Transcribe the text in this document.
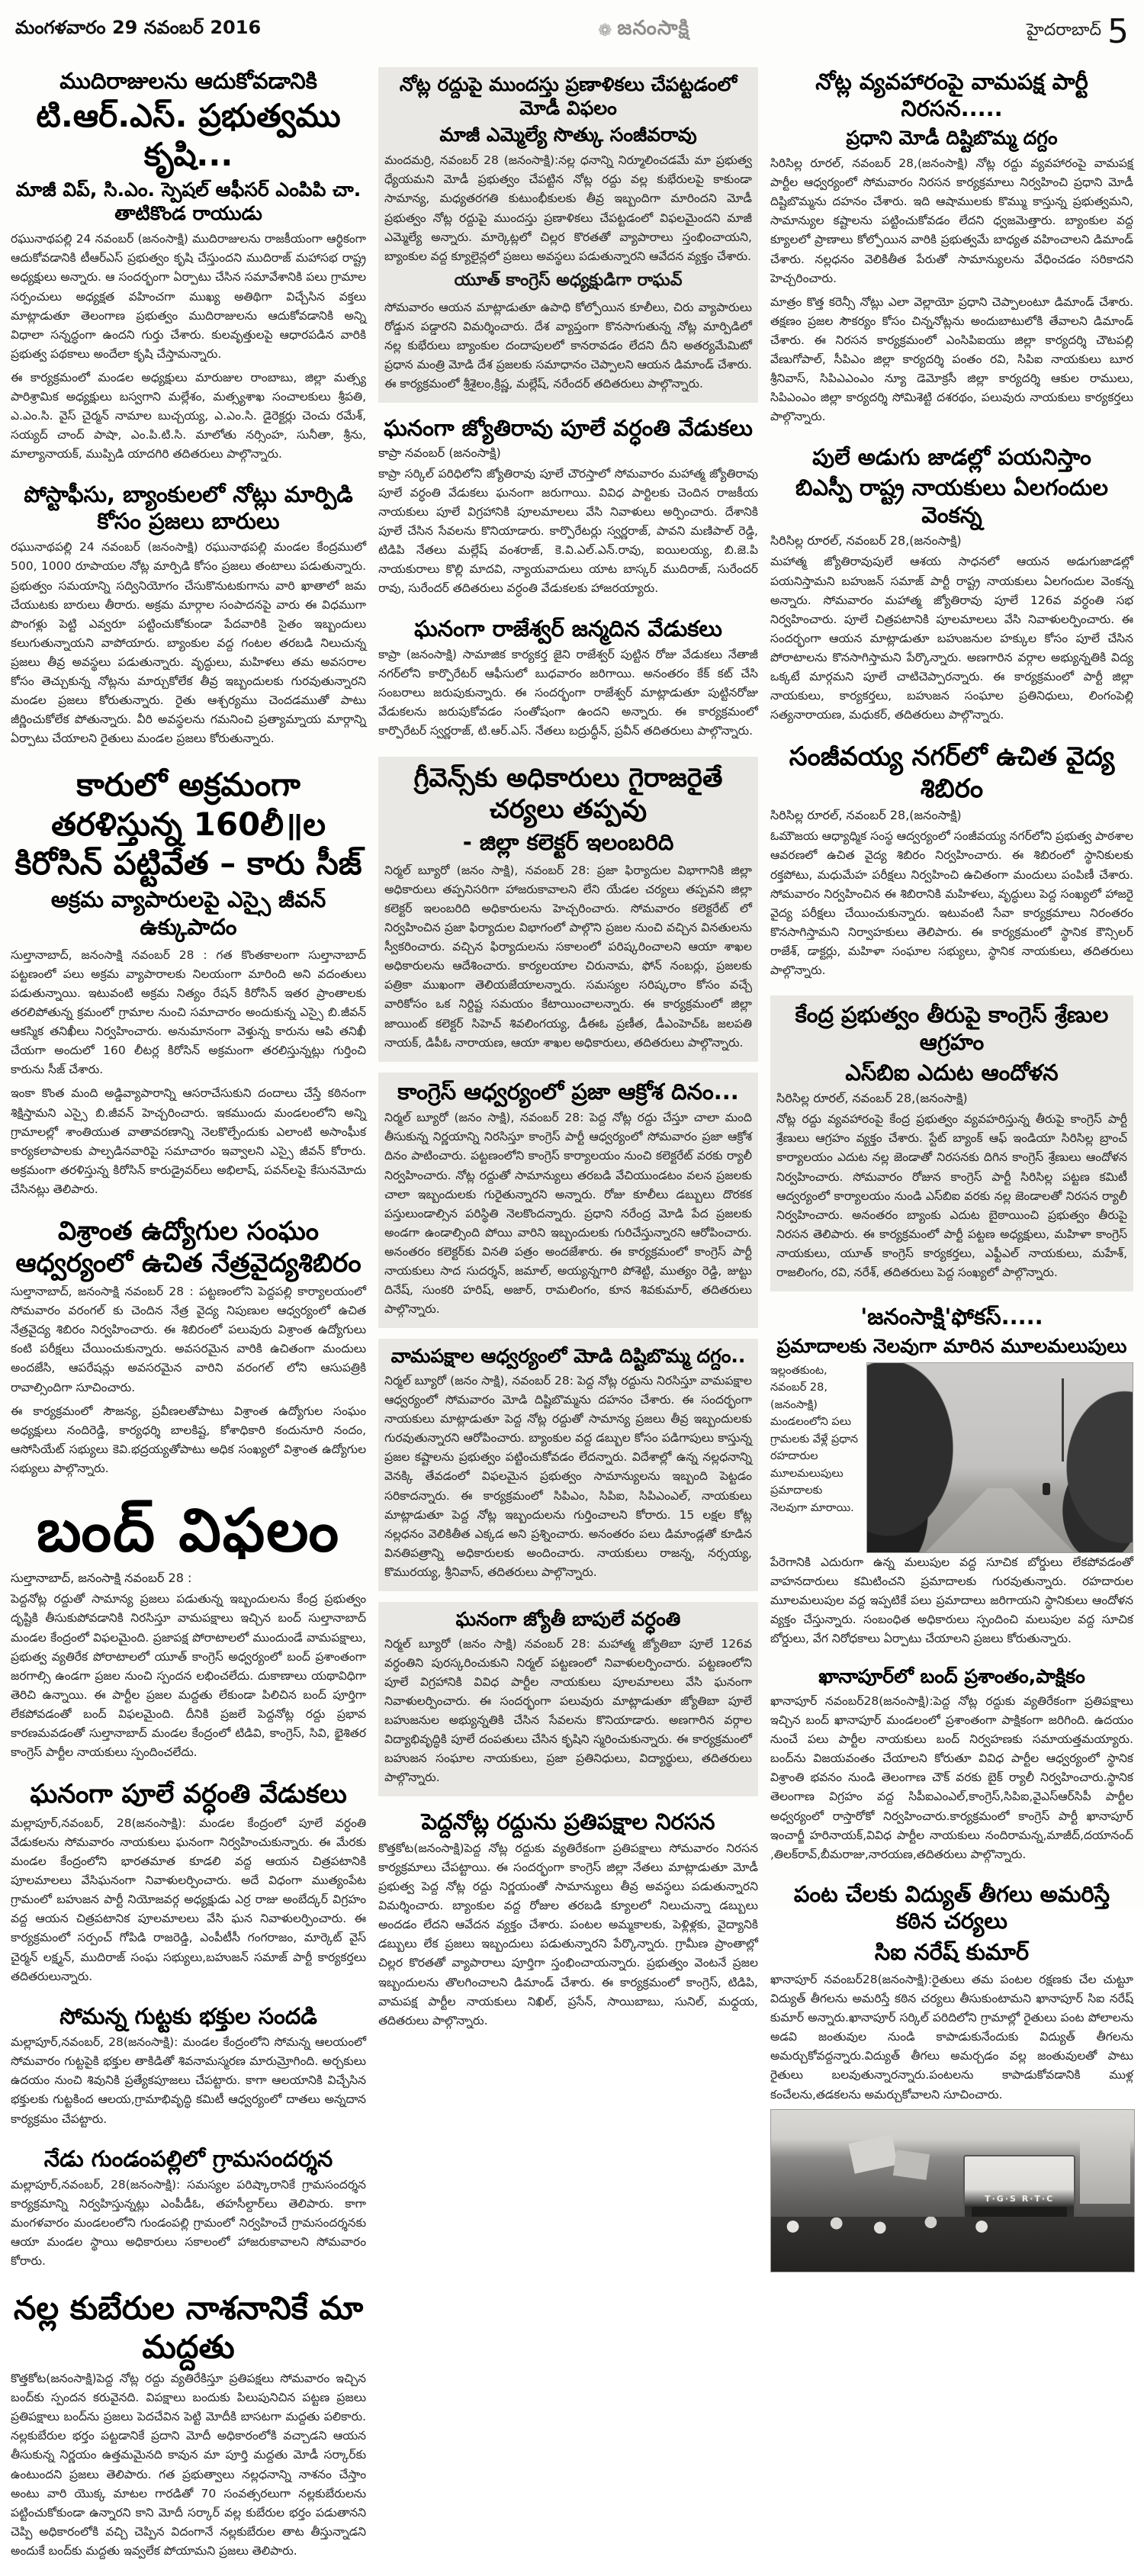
మంగళవారం 29 నవంబర్ 2016	❁ జనంసాక్షి	హైదరాబాద్ 5
ముదిరాజులను ఆదుకోవడానికి
టి.ఆర్.ఎస్. ప్రభుత్వము కృషి...
మాజీ విప్, సి.ఎం. స్పెషల్ ఆఫీసర్ ఎంపిపి చా. తాటికొండ రాయుడు

రఘునాథపల్లి 24 నవంబర్ (జనంసాక్షి) ముదిరాజులను రాజకీయంగా ఆర్థికంగా ఆదుకోవడానికి టీఆర్ఎస్ ప్రభుత్వం కృషి చేస్తుందని ముదిరాజ్ మహాసభ రాష్ట్ర అధ్యక్షులు అన్నారు. ఆ సందర్భంగా ఏర్పాటు చేసిన సమావేశానికి పలు గ్రామాల సర్పంచులు అధ్యక్షత వహించగా ముఖ్య అతిథిగా విచ్చేసిన వక్తలు మాట్లాడుతూ తెలంగాణ ప్రభుత్వం ముదిరాజులను ఆదుకోవడానికి అన్ని విధాలా సన్నద్ధంగా ఉందని గుర్తు చేశారు. కులవృత్తులపై ఆధారపడిన వారికి ప్రభుత్వ పథకాలు అందేలా కృషి చేస్తామన్నారు.

ఈ కార్యక్రమంలో మండల అధ్యక్షులు మారుజుల రాంబాబు, జిల్లా మత్స్య పారిశ్రామిక అధ్యక్షులు బస్వగాని మల్లేశం, మత్స్యశాఖ సంచాలకులు శ్రీపతి, ఎ.ఎం.సి. వైస్ చైర్మన్ నామాల బుచ్చయ్య, ఎ.ఎం.సి. డైరెక్టర్లు చెంచు రమేశ్, సయ్యద్ చాంద్ పాషా, ఎం.పి.టి.సి. మాలోతు నర్సింహ, సునీతా, శ్రీను, మాల్యానాయక్, ముప్పిడి యాదగిరి తదితరులు పాల్గొన్నారు.

పోస్టాఫీసు, బ్యాంకులలో నోట్లు మార్పిడి కోసం ప్రజలు బారులు

రఘునాథపల్లి 24 నవంబర్ (జనంసాక్షి) రఘునాథపల్లి మండల కేంద్రములో 500, 1000 రూపాయల నోట్ల మార్పిడి కోసం ప్రజలు తంటాలు పడుతున్నారు. ప్రభుత్వం సమయాన్ని సద్వినియోగం చేసుకొనుటకుగాను వారి ఖాతాలో జమ చేయుటకు బారులు తీరారు. అక్రమ మార్గాల సంపాదనపై వారు ఈ విధముగా పొంగళ్లు పెట్టి ఎవ్వరూ పట్టించుకోకుండా పేదవారికి సైతం ఇబ్బందులు కలుగుతున్నాయని వాపోయారు. బ్యాంకుల వద్ద గంటల తరబడి నిలుచున్న ప్రజలు తీవ్ర అవస్థలు పడుతున్నారు. వృద్ధులు, మహిళలు తమ అవసరాల కోసం తెచ్చుకున్న నోట్లను మార్చుకోలేక తీవ్ర ఇబ్బందులకు గురవుతున్నారని మండల ప్రజలు కోరుతున్నారు. రైతు ఆశ్చర్యము చెందడముతో పాటు జీర్ణించుకోలేక పోతున్నారు. వీరి అవస్థలను గమనించి ప్రత్యామ్నాయ మార్గాన్ని ఏర్పాటు చేయాలని రైతులు మండల ప్రజలు కోరుతున్నారు.

కారులో అక్రమంగా తరళిస్తున్న 160లీ॥ల కిరోసిన్ పట్టివేత – కారు సీజ్
అక్రమ వ్యాపారులపై ఎస్సై జీవన్ ఉక్కుపాదం

సుల్తానాబాద్, జనంసాక్షి నవంబర్ 28 : గత కొంతకాలంగా సుల్తానాబాద్ పట్టణంలో పలు అక్రమ వ్యాపారాలకు నిలయంగా మారింది అని వదంతులు పడుతున్నాయి. ఇటువంటి అక్రమ నిత్యం రేషన్ కిరోసిన్ ఇతర ప్రాంతాలకు తరలిపోతున్న క్రమంలో గ్రామాల నుంచి సమాచారం అందుకున్న ఎస్సై బి.జీవన్ ఆకస్మిక తనిఖీలు నిర్వహించారు. అనుమానంగా వెళ్తున్న కారును ఆపి తనిఖీ చేయగా అందులో 160 లీటర్ల కిరోసిన్ అక్రమంగా తరలిస్తున్నట్లు గుర్తించి కారును సీజ్ చేశారు.

ఇంకా కొంత మంది అడ్డివ్యాపారాన్ని ఆసరాచేసుకుని దందాలు చేస్తే కఠినంగా శిక్షిస్తామని ఎస్సై బి.జీవన్ హెచ్చరించారు. ఇకముందు మండలంలోని అన్ని గ్రామాలల్లో శాంతియుత వాతావరణాన్ని నెలకొల్పేందుకు ఎలాంటి అసాంఘీక కార్యకలాపాలకు పాల్పడినవారిపై సమాచారం ఇవ్వాలని ఎస్సై జీవన్ కోరారు. అక్రమంగా తరళిస్తున్న కిరోసిన్ కారుడ్రైవర్‌లు అభిలాష్, పవన్‌లపై కేసునమోదు చేసినట్లు తెలిపారు.

విశ్రాంత ఉద్యోగుల సంఘం ఆధ్వర్యంలో ఉచిత నేత్రవైద్యశిబిరం

సుల్తానాబాద్, జనంసాక్షి నవంబర్ 28 : పట్టణంలోని పెద్దపల్లి కార్యాలయంలో సోమవారం వరంగల్ కు చెందిన నేత్ర వైద్య నిపుణుల ఆధ్వర్యంలో ఉచిత నేత్రవైద్య శిబిరం నిర్వహించారు. ఈ శిబిరంలో పలువురు విశ్రాంత ఉద్యోగులు కంటి పరీక్షలు చేయించుకున్నారు. అవసరమైన వారికి ఉచితంగా మందులు అందజేసి, ఆపరేషన్లు అవసరమైన వారిని వరంగల్ లోని ఆసుపత్రికి రావాల్సిందిగా సూచించారు.

ఈ కార్యక్రమంలో సౌజన్య, ప్రవీణలతోపాటు విశ్రాంత ఉద్యోగుల సంఘం అధ్యక్షులు నందిరెడ్డి, కార్యధర్శి బాలకిష్ట, కోశాధికారి కందునూరి నందం, ఆసోసియేట్ సభ్యులు కెవి.భద్రయ్యతోపాటు అధిక సంఖ్యలో విశ్రాంత ఉద్యోగుల సభ్యులు పాల్గొన్నారు.

బంద్ విఫలం
సుల్తానాబాద్, జనంసాక్షి నవంబర్ 28 :

పెద్దనోట్ల రద్దుతో సామాన్య ప్రజలు పడుతున్న ఇబ్బందులను కేంద్ర ప్రభుత్వం దృష్టికి తీసుకుపోవడానికి నిరసిస్తూ వామపక్షాలు ఇచ్చిన బంద్ సుల్తానాబాద్ మండల కేంద్రంలో విఫలమైంది. ప్రజాపక్ష పోరాటాలలో ముందుండే వామపక్షాలు, ప్రభుత్వ వ్యతిరేక పోరాటాలలో యూత్ కాంగ్రెస్ అధ్వర్యంలో బంద్ ప్రశాంతంగా జరగాల్సి ఉండగా ప్రజల నుంచి స్పందన లభించలేదు. దుకాణాలు యథావిధిగా తెరిచి ఉన్నాయి. ఈ పార్టీల ప్రజల మద్దతు లేకుండా పిలిచిన బంద్ పూర్తిగా లేకపోవడంతో బంద్ విఫలమైంది. దీనికి ప్రజలే పెద్దనోట్ల రద్దు ప్రభావ కారణమవడంతో సుల్తానాబాద్ మండల కేంద్రంలో టిడివి, కాంగ్రెస్, సివి, భైశితర కాంగ్రెస్ పార్టీల నాయకులు స్పందించలేదు.

ఘనంగా పూలే వర్ధంతి వేడుకలు

మల్లాపూర్,నవంబర్, 28(జనంసాక్షి): మండల కేంద్రంలో పూలే వర్ధంతి వేడుకలను సోమవారం నాయకులు ఘనంగా నిర్వహించుకున్నారు. ఈ మేరకు మండల కేంద్రంలోని భారతమాత కూడలి వద్ద ఆయన చిత్రపటానికి పూలమాలలు వేసిఘనంగా నివాళులర్పించారు. అదే విధంగా ముత్యంపేట గ్రామంలో బహుజన పార్టీ నియోజవర్గ అధ్యక్షుడు ఎర్ర రాజు అంబేద్కర్ విగ్రహం వద్ద ఆయన చిత్రపటానిక పూలమాలలు వేసి ఘన నివాళులర్పించారు. ఈ కార్యక్రమంలో సర్పంచ్ గోపిడి రాజరెడ్డి, ఎంపీటీసీ గంగరాజం, మార్కెట్ వైస్ చైర్మన్ లక్ష్మన్, ముదిరాజ్ సంఘ సభ్యులు,బహుజన్ సమాజ్ పార్టీ కార్యకర్తలు తదితరులున్నారు.

సోమన్న గుట్టకు భక్తుల సందడి

మల్లాపూర్,నవంబర్, 28(జనంసాక్షి): మండల కేంద్రంలోని సోమన్న ఆలయంలో సోమవారం గుట్టపైకి భక్తుల తాకిడితో శివనామస్మరణ మారుమ్రోగింది. అర్చకులు ఉదయం నుంచి శివునికి ప్రత్యేకపూజలు చేపట్టారు. కాగా ఆలయానికి విచ్చేసిన భక్తులకు గుట్టకింద ఆలయ,గ్రామాభివృద్ధి కమిటీ ఆధ్వర్యంలో దాతలు అన్నదాన కార్యక్రమం చేపట్టారు.

నేడు గుండంపల్లిలో గ్రామసందర్శన

మల్లాపూర్,నవంబర్, 28(జనంసాక్షి): సమస్యల పరిష్కారానికే గ్రామసందర్శన కార్యక్రమాన్ని నిర్వహిస్తున్నట్లు ఎంపీడీఓ, తహసీల్దార్‌లు తెలిపారు. కాగా మంగళవారం మండలంలోని గుండంపల్లి గ్రామంలో నిర్వహించే గ్రామసందర్శనకు ఆయా మండల స్థాయి అధికారులు సకాలంలో హాజరుకావాలని సోమవారం కోరారు.

నల్ల కుబేరుల నాశనానికే మా మద్దతు

కొత్తకోట(జనంసాక్షి)పెద్ద నోట్ల రద్దు వ్యతిరేకిస్తూ ప్రతిపక్షలు సోమవారం ఇచ్చిన బంద్‌కు స్పందన కరువైనది. విపక్షాలు బందుకు పిలుపునిచిన పట్టణ ప్రజలు ప్రతిపక్షాలు బంద్‌ను ప్రజలు పెదచేవిన పెట్టి మోదీకి బాసటగా మద్దతు పలికారు. నల్లకుబేరుల భర్తం పట్టడానికే ప్రదాని మోదీ అధికారంలోకి వచ్చాడని ఆయన తీసుకున్న నిర్ణయం ఉత్తమమైనది కావున మా పూర్తి మద్దతు మోడీ సర్కార్‌కు ఉంటుందని ప్రజలు తెలిపారు. గత ప్రభుత్వాలు నల్లధనాన్ని నాశనం చేస్తాం అంటు వారి యొక్క మాటల గారడితో 70 సంవత్సరలుగా నల్లకుబేరులను పట్టించుకోకుండా ఉన్నారని కాని మోదీ సర్కార్ వల్ల కుబేరుల భర్తం పడుతానని చెప్పి అధికారంలోకి వచ్చి చెప్పిన విదంగానే నల్లకుబేరుల తాట తీస్తున్నాడని అందుకే బంద్‌కు మద్దతు ఇవ్వలేక పోయామని ప్రజలు తెలిపారు.

నోట్ల రద్దుపై ముందస్తు ప్రణాళికలు చేపట్టడంలో మోడీ విఫలం
మాజీ ఎమ్మెల్యే సొత్కు సంజీవరావు

మందమర్రి, నవంబర్ 28 (జనంసాక్షి):నల్ల ధనాన్ని నిర్మూలించడమే మా ప్రభుత్వ ధ్యేయమని మోడీ ప్రభుత్వం చేపట్టిన నోట్ల రద్దు వల్ల కుభేరులపై కాకుండా సామాన్య, మధ్యతరగతి కుటుంభీకులకు తీవ్ర ఇబ్బందిగా మారిందని మోడీ ప్రభుత్వం నోట్ల రద్దుపై ముందస్తు ప్రణాళికలు చేపట్టడంలో విఫలమైందని మాజీ ఎమ్మెల్యే అన్నారు. మార్కెట్లలో చిల్లర కొరతతో వ్యాపారాలు స్తంభించాయని, బ్యాంకుల వద్ద క్యూలైన్లలో ప్రజలు అవస్థలు పడుతున్నారని ఆవేదన వ్యక్తం చేశారు.

యూత్ కాంగ్రెస్ అధ్యక్షుడిగా రాఘవ్

సోమవారం ఆయన మాట్లాడుతూ ఉపాధి కోల్పోయిన కూలీలు, చిరు వ్యాపారులు రోడ్డున పడ్డారని విమర్శించారు. దేశ వ్యాప్తంగా కొనసాగుతున్న నోట్ల మార్పిడిలో నల్ల కుభేరులు బ్యాంకుల దందాపులలో కానరావడం లేదని దీని అతర్యమేమిటో ప్రధాన మంత్రి మోడి దేశ ప్రజలకు సమాధానం చెప్పాలని ఆయన డిమాండ్ చేశారు. ఈ కార్యక్రమంలో శ్రీశైలం,క్రిష్ణ, మల్లేష్, నరేందర్ తదితరులు పాల్గొన్నారు.

ఘనంగా జ్యోతిరావు పూలే వర్ధంతి వేడుకలు
కాప్రా నవంబర్ (జనంసాక్షి)

కాప్రా సర్కిల్ పరిధిలోని జ్యోతిరావు పూలే చౌరస్తాలో సోమవారం మహాత్మ జ్యోతిరావు పూలే వర్ధంతి వేడుకలు ఘనంగా జరుగాయి. వివిధ పార్టిలకు చెందిన రాజకీయ నాయకులు పూలే విగ్రహానికి పూలమాలలు వేసి నివాళులు అర్పించారు. దేశానికి పూలే చేసిన సేవలను కొనియాడారు. కార్పొరేటర్లు స్వర్ణరాజ్, పావని మణిపాల్ రెడ్డి, టిడిపి నేతలు మల్లేష్ వంశరాజ్, కె.వి.ఎల్.ఎన్.రావు, ఐయిలయ్య, బి.జె.పి నాయకురాలు కొల్లి మాదవి, న్యాయవాదులు యాట బాస్కర్ ముదిరాజ్, సురేందర్ రావు, సురేందర్ తదితరులు వర్ధంతి వేడుకలకు హాజరయ్యారు.

ఘనంగా రాజేశ్వర్ జన్మదిన వేడుకలు

కాప్రా (జనంసాక్షి) సామాజిక కార్యకర్త జైని రాజేశ్వర్ పుట్టిన రోజు వేడుకలు నేతాజీ నగర్‌లోని కార్పొరేటర్ ఆఫీసులో బుధవారం జరిగాయి. అనంతరం కేక్ కట్ చేసి సంబరాలు జరుపుకున్నారు. ఈ సందర్భంగా రాజేశ్వర్ మాట్లాడుతూ పుట్టినరోజు వేడుకలను జరుపుకోవడం సంతోషంగా ఉందని అన్నారు. ఈ కార్యక్రమంలో కార్పొరేటర్ స్వర్ణరాజ్, టి.ఆర్.ఎస్. నేతలు బద్రుద్ధీన్, ప్రవీన్ తదితరులు పాల్గొన్నారు.

గ్రీవెన్స్‌కు అధికారులు గైరాజరైతే చర్యలు తప్పవు
- జిల్లా కలెక్టర్ ఇలంబరిది

నిర్మల్ బ్యూరో (జనం సాక్షి), నవంబర్ 28: ప్రజా ఫిర్యాదుల విభాగానికి జిల్లా అధికారులు తప్పనిసరిగా హాజరుకావాలని లేని యేడల చర్యలు తప్పవని జిల్లా కలెక్టర్ ఇలంబరిది అధికారులను హెచ్చరించారు. సోమవారం కలెక్టరేట్ లో నిర్వహించిన ప్రజా ఫిర్యాదుల విభాగంలో పాల్గొని ప్రజల నుంచి వచ్చిన వినతులను స్వీకరించారు. వచ్చిన ఫిర్యాదులను సకాలంలో పరిష్కరించాలని ఆయా శాఖల అధికారులను ఆదేశించారు. కార్యలయాల చిరునామ, ఫోన్ నంబర్లు, ప్రజలకు పత్రికా ముఖంగా తెలియజేయాలన్నారు. సమస్యల సరిష్కరాం కోసం వచ్చే వారికోసం ఒక నిర్దిష్ట సమయం కేటాయించాలన్నారు. ఈ కార్యక్రమంలో జిల్లా జాయింట్ కలెక్టర్ సిహెచ్ శివలింగయ్య, డీఈఓ ప్రణీత, డీఎంహెచ్ఓ జలపతి నాయక్, డిపీఓ నారాయణ, ఆయా శాఖల అధికారులు, తదితరులు పాల్గొన్నారు.

కాంగ్రెస్ ఆధ్వర్యంలో ప్రజా ఆక్రోశ దినం...

నిర్మల్ బ్యూరో (జనం సాక్షి), నవంబర్ 28: పెద్ద నోట్ల రద్దు చేస్తూ చాలా మంది తీసుకున్న నిర్ణయాన్ని నిరసిస్తూ కాంగ్రెస్ పార్టీ ఆధ్వర్యంలో సోమవారం ప్రజా ఆక్రోశ దినం పాటించారు. పట్టణంలోని కాంగ్రెస్ కార్యాలయం నుంచి కలెక్టరేట్ వరకు ర్యాలీ నిర్వహించారు. నోట్ల రద్దుతో సామాన్యులు తరబడి వేచియుండటం వలన ప్రజలకు చాలా ఇబ్బందులకు గురైతున్నారని అన్నారు. రోజు కూలీలు డబ్బులు దొరకక పస్తులుండాల్సిన పరిస్థితి నెలకొందన్నారు. ప్రధాని నరేంద్ర మోడి పేద ప్రజలకు అండగా ఉండాల్సింది పోయి వారిని ఇబ్బందులకు గురిచేస్తున్నారని ఆరోపించారు. అనంతరం కలెక్టర్‌కు వినతి పత్రం అందజేశారు. ఈ కార్యక్రమంలో కాంగ్రెస్ పార్టీ నాయకులు సాద సుదర్శన్, జమాల్, అయ్యన్నగారి పోశెట్టి, ముత్యం రెడ్డి, జుట్టు దినేష్, సుంకరి హరిష్, అజార్, రామలింగం, కూన శివకుమార్, తదితరులు పాల్గొన్నారు.

వామపక్షాల ఆధ్వర్యంలో మెాడి దిష్టిబొమ్మ దగ్దం..

నిర్మల్ బ్యూరో (జనం సాక్షి), నవంబర్ 28: పెద్ద నోట్ల రద్దును నిరసిస్తూ వామపక్షాల ఆధ్వర్యంలో సోమవారం మోడి దిష్టిబొమ్మను దహనం చేశారు. ఈ సందర్భంగా నాయకులు మాట్లాడుతూ పెద్ద నోట్ల రద్దుతో సామాన్య ప్రజలు తీవ్ర ఇబ్బందులకు గురవుతున్నారని ఆరోపించారు. బ్యాంకుల వద్ద డబ్బుల కోసం పడిగాపులు కాస్తున్న ప్రజల కష్టాలను ప్రభుత్వం పట్టించుకోవడం లేదన్నారు. విదేశాల్లో ఉన్న నల్లధనాన్ని వెనక్కి తేవడంలో విఫలమైన ప్రభుత్వం సామాన్యులను ఇబ్బంది పెట్టడం సరికాదన్నారు. ఈ కార్యక్రమంలో సిపిఎం, సిపిఐ, సిపిఎంఎల్, నాయకులు మాట్లాడుతూ పెద్ద నోట్ల ఇబ్బందులను గుర్తించాలని కోరారు. 15 లక్షల కోట్ల నల్లధనం వెలికితీత ఎక్కడ అని ప్రశ్నించారు. అనంతరం పలు డిమాండ్లతో కూడిన వినతిపత్రాన్ని అధికారులకు అందించారు. నాయకులు రాజన్న, నర్సయ్య, కొమురయ్య, శ్రీనివాస్, తదితరులు పాల్గొన్నారు.

ఘనంగా జ్యోతీ బాపులే వర్ధంతి

నిర్మల్ బ్యూరో (జనం సాక్షి) నవంబర్ 28: మహాత్మ జ్యోతిబా పూలే 126వ వర్ధంతిని పురస్కరించుకుని నిర్మల్ పట్టణంలో నివాళులర్పించారు. పట్టణంలోని పూలే విగ్రహానికి వివిధ పార్టీల నాయకులు పూలమాలలు వేసి ఘనంగా నివాళులర్పించారు. ఈ సందర్భంగా పలువురు మాట్లాడుతూ జ్యోతిబా పూలే బహుజనుల అభ్యున్నతికి చేసిన సేవలను కొనియాడారు. అణగారిన వర్గాల విద్యాభివృద్ధికి పూలే దంపతులు చేసిన కృషిని స్మరించుకున్నారు. ఈ కార్యక్రమంలో బహుజన సంఘాల నాయకులు, ప్రజా ప్రతినిధులు, విద్యార్థులు, తదితరులు పాల్గొన్నారు.

పెద్దనోట్ల రద్దును ప్రతిపక్షాల నిరసన

కొత్తకోట(జనంసాక్షి)పెద్ద నోట్ల రద్దుకు వ్యతిరేకంగా ప్రతిపక్షాలు సోమవారం నిరసన కార్యక్రమాలు చేపట్టాయి. ఈ సందర్భంగా కాంగ్రెస్ జిల్లా నేతలు మాట్లాడుతూ మోడీ ప్రభుత్వ పెద్ద నోట్ల రద్దు నిర్ణయంతో సామాన్యులు తీవ్ర అవస్థలు పడుతున్నారని విమర్శించారు. బ్యాంకుల వద్ద రోజుల తరబడి క్యూలలో నిలుచున్నా డబ్బులు అందడం లేదని ఆవేదన వ్యక్తం చేశారు. పంటల అమ్మకాలకు, పెళ్లిళ్లకు, వైద్యానికి డబ్బులు లేక ప్రజలు ఇబ్బందులు పడుతున్నారని పేర్కొన్నారు. గ్రామీణ ప్రాంతాల్లో చిల్లర కొరతతో వ్యాపారాలు పూర్తిగా స్తంభించాయన్నారు. ప్రభుత్వం వెంటనే ప్రజల ఇబ్బందులను తొలగించాలని డిమాండ్ చేశారు. ఈ కార్యక్రమంలో కాంగ్రెస్, టిడిపి, వామపక్ష పార్టీల నాయకులు నిఖిల్, ప్రసేన్, సాయిబాబు, సునిల్, మధ్దయ, తదితరులు పాల్గొన్నారు.

నోట్ల వ్యవహారంపై వామపక్ష పార్టీ నిరసన.....
ప్రధాని మోడీ దిష్టిబొమ్మ దగ్దం

సిరిసిల్ల రూరల్, నవంబర్ 28,(జనంసాక్షి) నోట్ల రద్దు వ్యవహారంపై వామపక్ష పార్టీల ఆధ్వర్యంలో సోమవారం నిరసన కార్యక్రమాలు నిర్వహించి ప్రధాని మోడీ దిష్టిబొమ్మను దహనం చేశారు. ఇది ఆషాములకు కొమ్ము కాస్తున్న ప్రభుత్వమని, సామాన్యుల కష్టాలను పట్టించుకోవడం లేదని ధ్వజమెత్తారు. బ్యాంకుల వద్ద క్యూలలో ప్రాణాలు కోల్పోయిన వారికి ప్రభుత్వమే బాధ్యత వహించాలని డిమాండ్ చేశారు. నల్లధనం వెలికితీత పేరుతో సామాన్యులను వేధించడం సరికాదని హెచ్చరించారు.

మాత్రం కొత్త కరెన్సీ నోట్లు ఎలా వెల్లాయో ప్రధాని చెప్పాలంటూ డిమాండ్ చేశారు. తక్షణం ప్రజల సౌకర్యం కోసం చిన్ననోట్లను అందుబాటులోకి తేవాలని డిమాండ్ చేశారు. ఈ నిరసన కార్యక్రమంలో ఎంసిపిఐయు జిల్లా కార్యదర్శి చౌటపల్లి వేణుగోపాల్, సీపిఎం జిల్లా కార్యదర్శి పంతం రవి, సిపిఐ నాయకులు బూర శ్రీనివాస్, సిపిఎఎంఎం న్యూ డెమోక్రసీ జిల్లా కార్యదర్శి ఆకుల రాములు, సిపిఎంఎం జిల్లా కార్యదర్శి సోమిశెట్టి దశరథం, పలువురు నాయకులు కార్యకర్తలు పాల్గొన్నారు.

పులే అడుగు జాడల్లో పయనిస్తాం
బిఎస్పీ రాష్ట్ర నాయకులు ఏలగందుల వెంకన్న
సిరిసిల్ల రూరల్, నవంబర్ 28,(జనంసాక్షి)

మహాత్మ జ్యోతిరావుపులే ఆశయ సాధనలో ఆయన అడుగుజాడల్లో పయనిస్తామని బహుజన్ సమాజ్ పార్టీ రాష్ట్ర నాయకులు ఏలగందుల వెంకన్న అన్నారు. సోమవారం మహాత్మ జ్యోతిరావు పూలే 126వ వర్ధంతి సభ నిర్వహించారు. పూలే చిత్రపటానికి పూలమాలలు వేసి నివాళులర్పించారు. ఈ సందర్భంగా ఆయన మాట్లాడుతూ బహుజనుల హక్కుల కోసం పూలే చేసిన పోరాటాలను కొనసాగిస్తామని పేర్కొన్నారు. అణగారిన వర్గాల అభ్యున్నతికి విద్య ఒక్కటే మార్గమని పూలే చాటిచెప్పారన్నారు. ఈ కార్యక్రమంలో పార్టీ జిల్లా నాయకులు, కార్యకర్తలు, బహుజన సంఘాల ప్రతినిధులు, లింగంపెల్లి సత్యనారాయణ, మధుకర్, తదితరులు పాల్గొన్నారు.

సంజీవయ్య నగర్‌లో ఉచిత వైద్య శిబిరం
సిరిసిల్ల రూరల్, నవంబర్ 28,(జనంసాక్షి)

ఓమౌజయ ఆధ్యాధ్మిక సంస్థ ఆద్వర్యంలో సంజీవయ్య నగర్‌లోని ప్రభుత్వ పాఠశాల ఆవరణలో ఉచిత వైద్య శిబిరం నిర్వహించారు. ఈ శిబిరంలో స్థానికులకు రక్తపోటు, మధుమేహ పరీక్షలు నిర్వహించి ఉచితంగా మందులు పంపిణీ చేశారు. సోమవారం నిర్వహించిన ఈ శిబిరానికి మహిళలు, వృద్ధులు పెద్ద సంఖ్యలో హాజరై వైద్య పరీక్షలు చేయించుకున్నారు. ఇటువంటి సేవా కార్యక్రమాలు నిరంతరం కొనసాగిస్తామని నిర్వాహకులు తెలిపారు. ఈ కార్యక్రమంలో స్థానిక కౌన్సిలర్ రాజేశ్, డాక్టర్లు, మహిళా సంఘాల సభ్యులు, స్థానిక నాయకులు, తదితరులు పాల్గొన్నారు.

కేంద్ర ప్రభుత్వం తీరుపై కాంగ్రెస్ శ్రేణుల ఆగ్రహం
ఎస్‌బిఐ ఎదుట ఆందోళన
సిరిసిల్ల రూరల్, నవంబర్ 28,(జనంసాక్షి)

నోట్ల రద్దు వ్యవహారంపై కేంద్ర ప్రభుత్వం వ్యవహరిస్తున్న తీరుపై కాంగ్రెస్ పార్టీ శ్రేణులు ఆగ్రహం వ్యక్తం చేశారు. స్టేట్ బ్యాంక్ ఆఫ్ ఇండియా సిరిసిల్ల బ్రాంచ్ కార్యాలయం ఎదుట నల్ల జెండాతో నిరసనకు దిగిన కాంగ్రెస్ శ్రేణులు ఆందోళన నిర్వహించారు. సోమవారం రోజున కాంగ్రెస్ పార్టీ సిరిసిల్ల పట్టణ కమిటీ ఆద్వర్యంలో కార్యాలయం నుండి ఎస్‌బిఐ వరకు నల్ల జెండాలతో నిరసన ర్యాలీ నిర్వహించారు. అనంతరం బ్యాంకు ఎదుట బైఠాయించి ప్రభుత్వం తీరుపై నిరసన తెలిపారు. ఈ కార్యక్రమంలో పార్టీ పట్టణ అధ్యక్షులు, మహిళా కాంగ్రెస్ నాయకులు, యూత్ కాంగ్రెస్ కార్యకర్తలు, ఎఫ్టీఎల్ నాయకులు, మహేశ్, రాజలింగం, రవి, నరేశ్, తదితరులు పెద్ద సంఖ్యలో పాల్గొన్నారు.

'జనంసాక్షి'ఫోకస్.....
ప్రమాదాలకు నెలవుగా మారిన మూలమలుపులు
ఇల్లంతకుంట, నవంబర్ 28,(జనంసాక్షి) మండలంలోని పలు గ్రామలకు వేళ్లే ప్రధాన రహదారుల మూలమలుపులు ప్రమాదాలకు నెలవుగా మారాయి.

పేరెగానికి ఎదురుగా ఉన్న మలుపుల వద్ద సూచిక బోర్డులు లేకపోవడంతో వాహనదారులు కమిటించని ప్రమాదాలకు గురవుతున్నారు. రహదారుల మూలమలుపుల వద్ద ఇప్పటికే పలు ప్రమాదాలు జరిగాయని స్థానికులు ఆందోళన వ్యక్తం చేస్తున్నారు. సంబంధిత అధికారులు స్పందించి మలుపుల వద్ద సూచిక బోర్డులు, వేగ నిరోధకాలు ఏర్పాటు చేయాలని ప్రజలు కోరుతున్నారు.

ఖానాపూర్‌లో బంద్ ప్రశాంతం,పాక్షికం

ఖానాపూర్ నవంబర్28(జనంసాక్షి):పెద్ద నోట్ల రద్దుకు వ్యతిరేకంగా ప్రతిపక్షాలు ఇచ్చిన బంద్ ఖానాపూర్ మండలంలో ప్రశాంతంగా పాక్షికంగా జరిగింది. ఉదయం నుంచే పలు పార్టీల నాయకులు బంద్ నిర్వహణకు సమాయత్తమయ్యారు. బంద్‌ను విజయవంతం చేయాలని కోరుతూ వివిధ పార్టీల ఆధ్వర్యంలో స్థానిక విశ్రాంతి భవనం నుండి తెలంగాణ చౌక్ వరకు బైక్ ర్యాలీ నిర్వహించారు.స్థానిక తెలంగాణ విగ్రహం వద్ద సిపీఐఎంఎల్,కాంగ్రెస్,సిపిఐ,వైఎస్ఆర్‌సిపీ పార్టీల అధ్వర్యంలో రాస్తారోకో నిర్వహించారు.కార్యక్రమంలో కాంగ్రెస్ పార్టీ ఖానాపూర్ ఇంచార్జీ హరినాయక్,వివిధ పార్టీల నాయకులు నందిరామన్న,మాజీద్,దయానంద్ ,తిలక్‌రావ్,బీమరాజు,నారయణ,తదితరులు పాల్గొన్నారు.

పంట చేలకు విద్యుత్ తీగలు అమరిస్తే కఠిన చర్యలు
సిఐ నరేష్ కుమార్

ఖానాపూర్ నవంబర్28(జనంసాక్షి):రైతులు తమ పంటల రక్షణకు చేల చుట్టూ విద్యుత్ తీగలను అమరిస్తే కఠిన చర్యలు తీసుకుంటామని ఖానాపూర్ సిఐ నరేష్ కుమార్ అన్నారు.ఖానాపూర్ సర్కిల్ పరిదిలోని గ్రామాల్లో రైతులు పంట పోలాలను అడవి జంతువుల నుండి కాపాడుకునేందుకు విద్యుత్ తీగలను అమర్చుకోవద్దన్నారు.విద్యుత్ తీగలు అమర్చడం వల్ల జంతువులతో పాటు రైతులు బలవుతున్నారన్నారు.పంటలను కాపాడుకోవడానికి ముళ్ల కంచేలను,తడకలను అమర్చుకోవాలని సూచించారు.

T·G·S R·T·C
